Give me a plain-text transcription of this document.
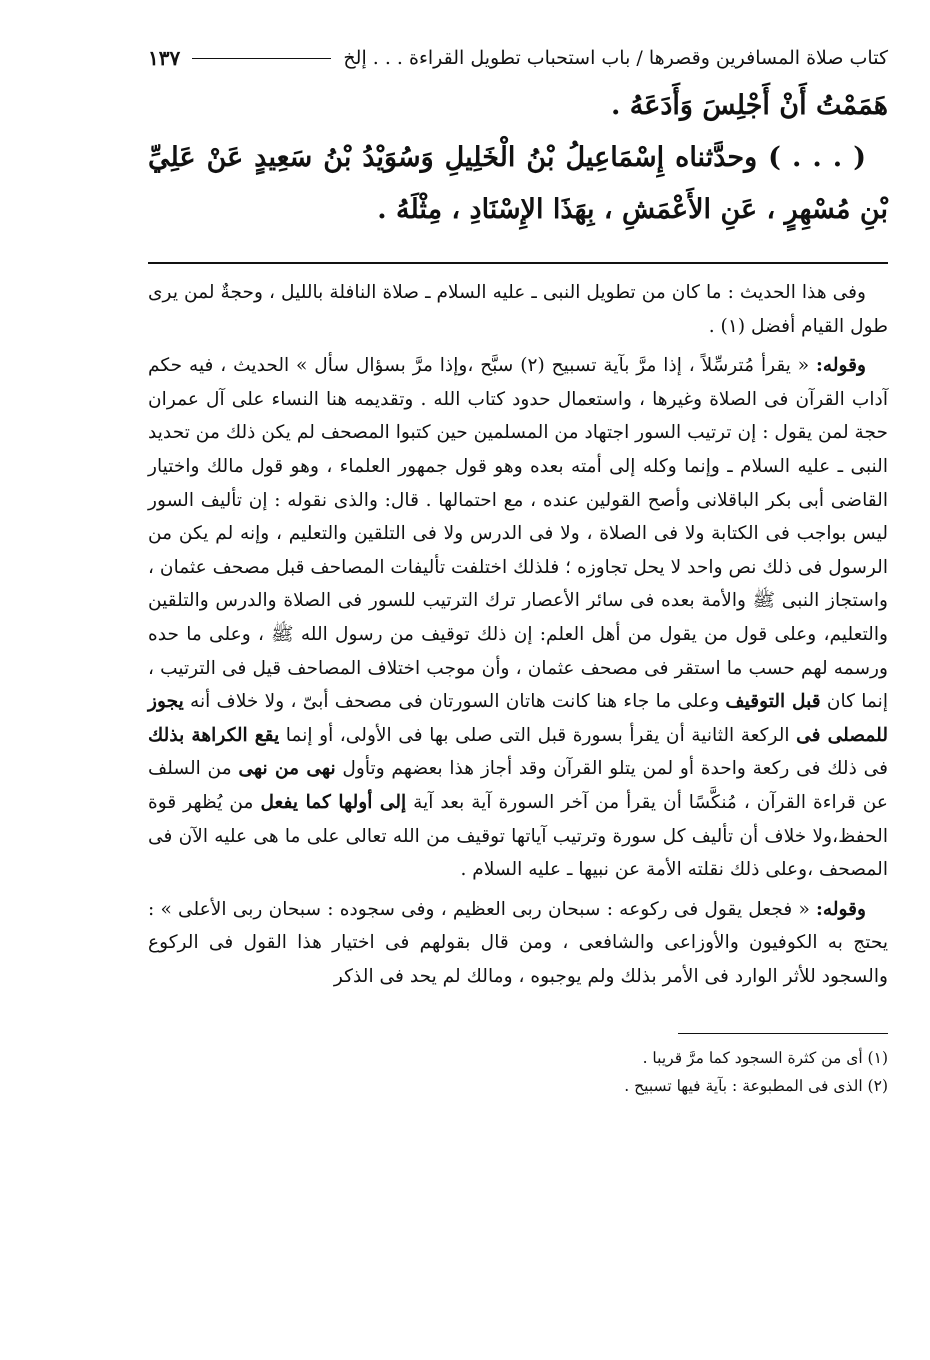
كتاب صلاة المسافرين وقصرها / باب استحباب تطويل القراءة . . . إلخ
١٣٧

هَمَمْتُ أَنْ أَجْلِسَ وَأَدَعَهُ .

( . . . ) وحدَّثناه إِسْمَاعِيلُ بْنُ الْخَلِيلِ وَسُوَيْدُ بْنُ سَعِيدٍ عَنْ عَلِيِّ بْنِ مُسْهِرٍ ، عَنِ الأَعْمَشِ ، بِهَذَا الإِسْنَادِ ، مِثْلَهُ .

وفى هذا الحديث : ما كان من تطويل النبى ـ عليه السلام ـ صلاة النافلة بالليل ، وحجةٌ لمن يرى طول القيام أفضل (١) .

وقوله: « يقرأ مُترسِّلاً ، إذا مرَّ بآية تسبيح (٢) سبَّح ،وإذا مرَّ بسؤال سأل » الحديث ، فيه حكم آداب القرآن فى الصلاة وغيرها ، واستعمال حدود كتاب الله . وتقديمه هنا النساء على آل عمران حجة لمن يقول : إن ترتيب السور اجتهاد من المسلمين حين كتبوا المصحف لم يكن ذلك من تحديد النبى ـ عليه السلام ـ وإنما وكله إلى أمته بعده وهو قول جمهور العلماء ، وهو قول مالك واختيار القاضى أبى بكر الباقلانى وأصح القولين عنده ، مع احتمالها . قال: والذى نقوله : إن تأليف السور ليس بواجب فى الكتابة ولا فى الصلاة ، ولا فى الدرس ولا فى التلقين والتعليم ، وإنه لم يكن من الرسول فى ذلك نص واحد لا يحل تجاوزه ؛ فلذلك اختلفت تأليفات المصاحف قبل مصحف عثمان ، واستجاز النبى ﷺ والأمة بعده فى سائر الأعصار ترك الترتيب للسور فى الصلاة والدرس والتلقين والتعليم، وعلى قول من يقول من أهل العلم: إن ذلك توقيف من رسول الله ﷺ ، وعلى ما حده ورسمه لهم حسب ما استقر فى مصحف عثمان ، وأن موجب اختلاف المصاحف قيل فى الترتيب ، إنما كان قبل التوقيف وعلى ما جاء هنا كانت هاتان السورتان فى مصحف أبىّ ، ولا خلاف أنه يجوز للمصلى فى الركعة الثانية أن يقرأ بسورة قبل التى صلى بها فى الأولى، أو إنما يقع الكراهة بذلك فى ذلك فى ركعة واحدة أو لمن يتلو القرآن وقد أجاز هذا بعضهم وتأول نهى من نهى من السلف عن قراءة القرآن ، مُنكَّسًا أن يقرأ من آخر السورة آية بعد آية إلى أولها كما يفعل من يُظهر قوة الحفظ،ولا خلاف أن تأليف كل سورة وترتيب آياتها توقيف من الله تعالى على ما هى عليه الآن فى المصحف ،وعلى ذلك نقلته الأمة عن نبيها ـ عليه السلام .

وقوله: « فجعل يقول فى ركوعه : سبحان ربى العظيم ، وفى سجوده : سبحان ربى الأعلى » : يحتج به الكوفيون والأوزاعى والشافعى ، ومن قال بقولهم فى اختيار هذا القول فى الركوع والسجود للأثر الوارد فى الأمر بذلك ولم يوجبوه ، ومالك لم يحد فى الذكر

(١) أى من كثرة السجود كما مرَّ قريبا .

(٢) الذى فى المطبوعة : بآية فيها تسبيح .
